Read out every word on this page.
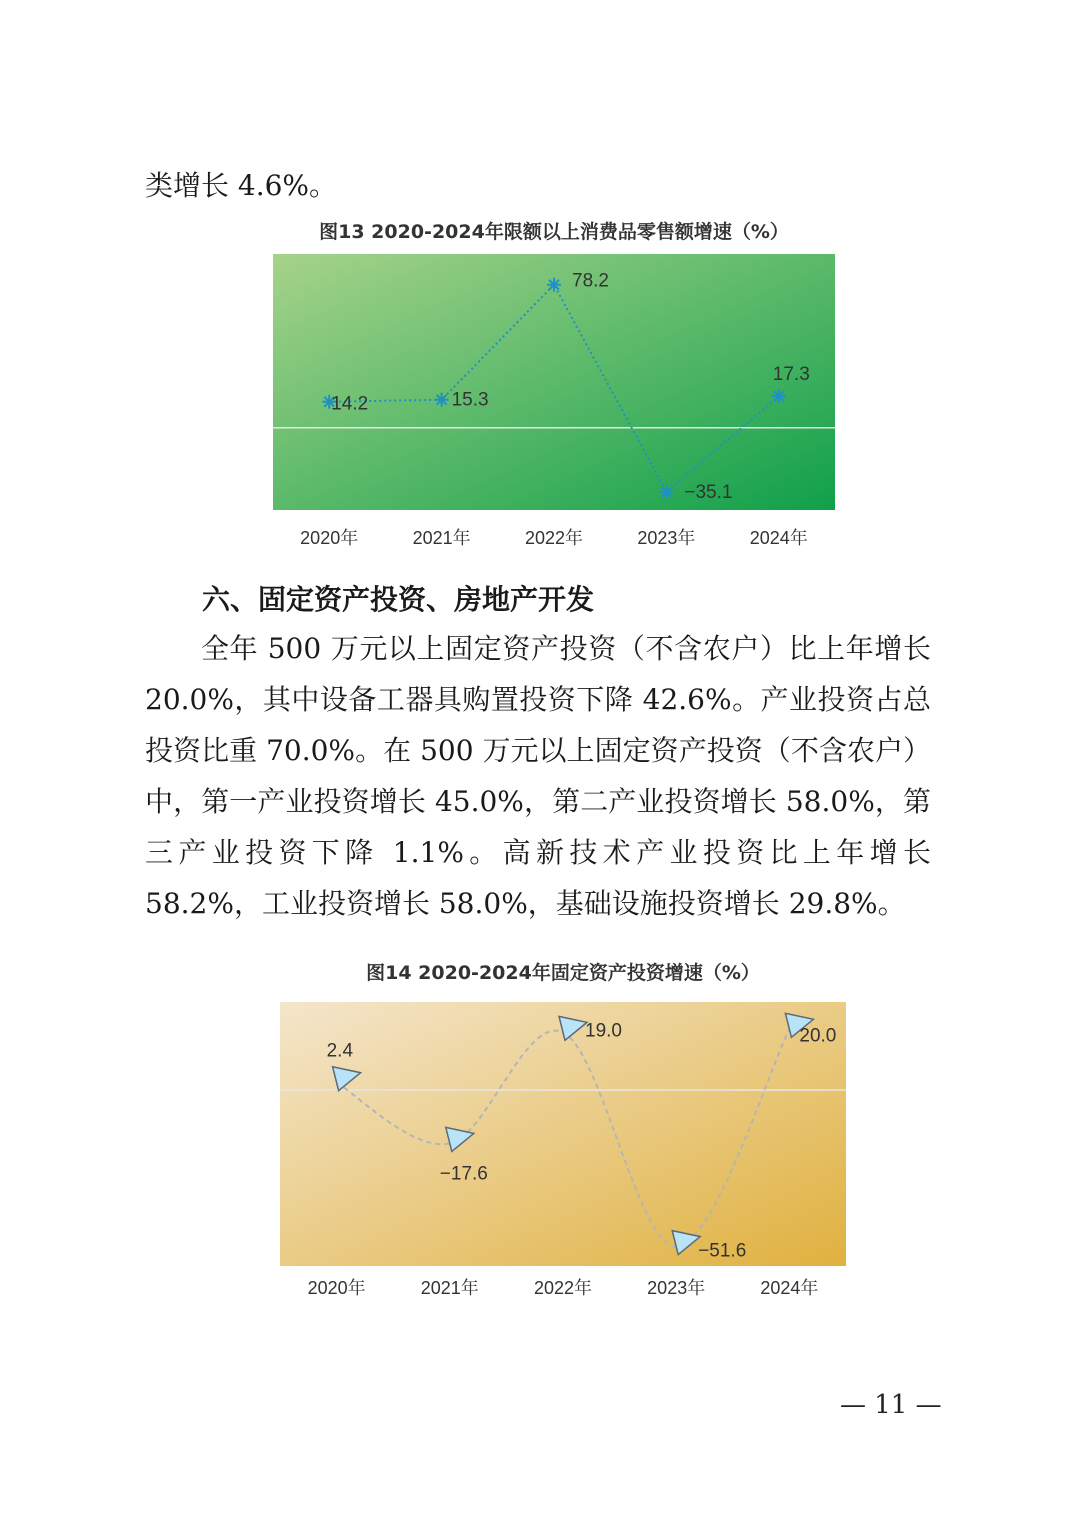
类增长 4.6%。

图13 2020-2024年限额以上消费品零售额增速（%）

14.2	15.3
78.2
−35.1
17.3
2020年	2021年	2022年	2023年	2024年

六、固定资产投资、房地产开发

全年 500 万元以上固定资产投资（不含农户）比上年增长 20.0%，其中设备工器具购置投资下降 42.6%。产业投资占总投资比重 70.0%。在 500 万元以上固定资产投资（不含农户）中，第一产业投资增长 45.0%，第二产业投资增长 58.0%，第三产业投资下降 1.1%。高新技术产业投资比上年增长 58.2%，工业投资增长 58.0%，基础设施投资增长 29.8%。

图14 2020-2024年固定资产投资增速（%）

2.4
−17.6
19.0
−51.6
20.0
2020年	2021年	2022年	2023年	2024年

— 11 —
